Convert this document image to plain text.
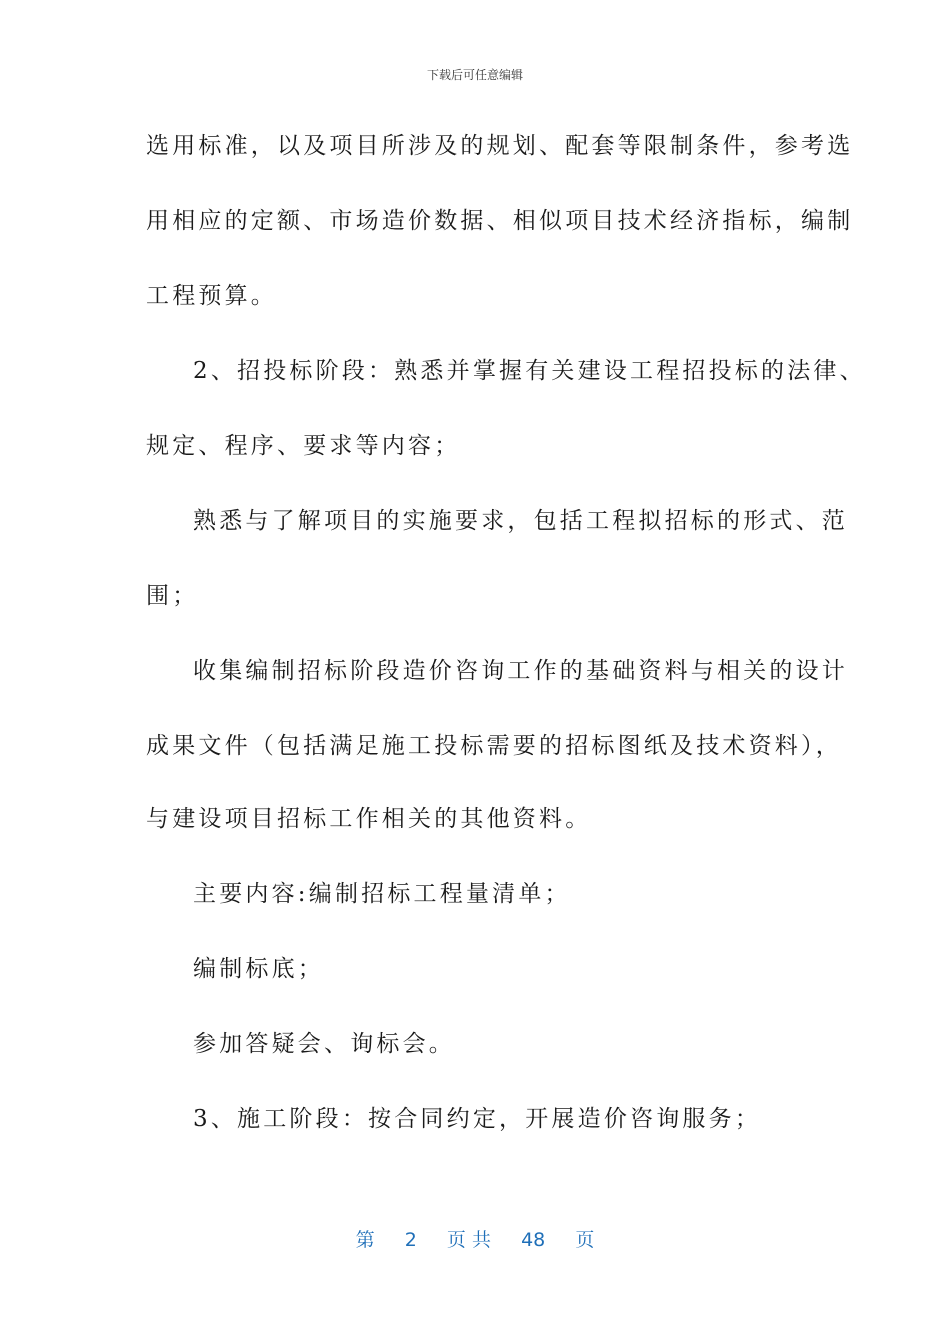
下载后可任意编辑
选用标准，以及项目所涉及的规划、配套等限制条件，参考选
用相应的定额、市场造价数据、相似项目技术经济指标，编制
工程预算。
2、招投标阶段：熟悉并掌握有关建设工程招投标的法律、
规定、程序、要求等内容；
熟悉与了解项目的实施要求，包括工程拟招标的形式、范
围；
收集编制招标阶段造价咨询工作的基础资料与相关的设计
成果文件（包括满足施工投标需要的招标图纸及技术资料），
与建设项目招标工作相关的其他资料。
主要内容:编制招标工程量清单；
编制标底；
参加答疑会、询标会。
3、施工阶段：按合同约定，开展造价咨询服务；
第 2 页 共 48 页
